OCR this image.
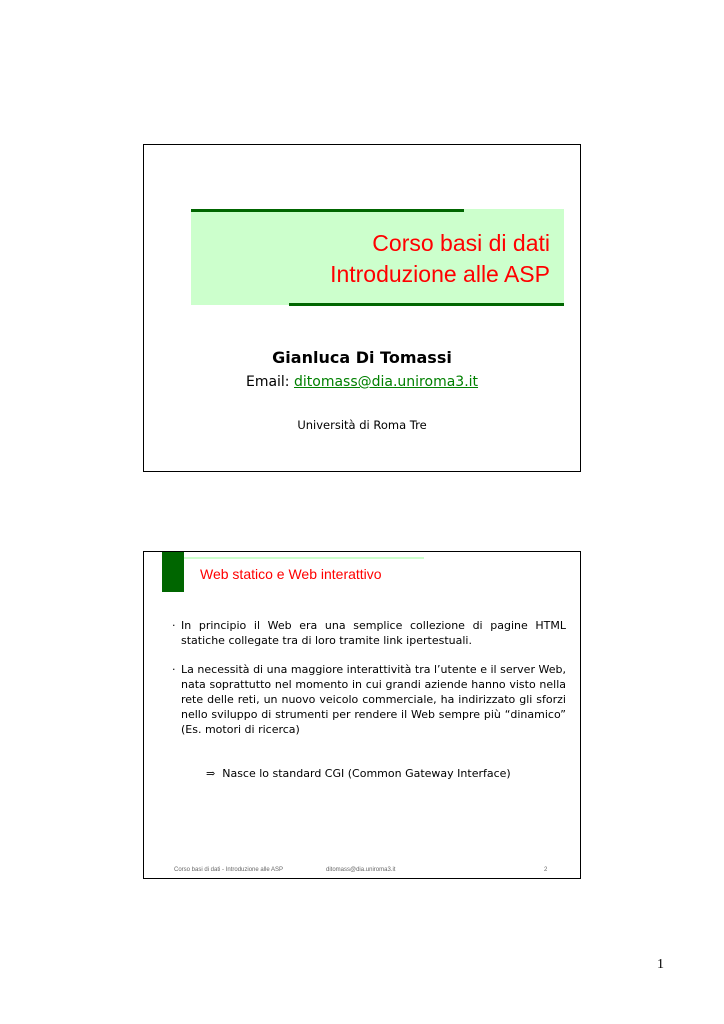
Corso basi di dati
Introduzione alle ASP
Gianluca Di Tomassi
Email: ditomass@dia.uniroma3.it
Università di Roma Tre
Web statico e Web interattivo
· In principio il Web era una semplice collezione di pagine HTML statiche collegate tra di loro tramite link ipertestuali.
· La necessità di una maggiore interattività tra l’utente e il server Web, nata soprattutto nel momento in cui grandi aziende hanno visto nella rete delle reti, un nuovo veicolo commerciale, ha indirizzato gli sforzi nello sviluppo di strumenti per rendere il Web sempre più “dinamico” (Es. motori di ricerca)
⇒ Nasce lo standard CGI (Common Gateway Interface)
Corso basi di dati - Introduzione alle ASP	ditomass@dia.uniroma3.it	2
1
